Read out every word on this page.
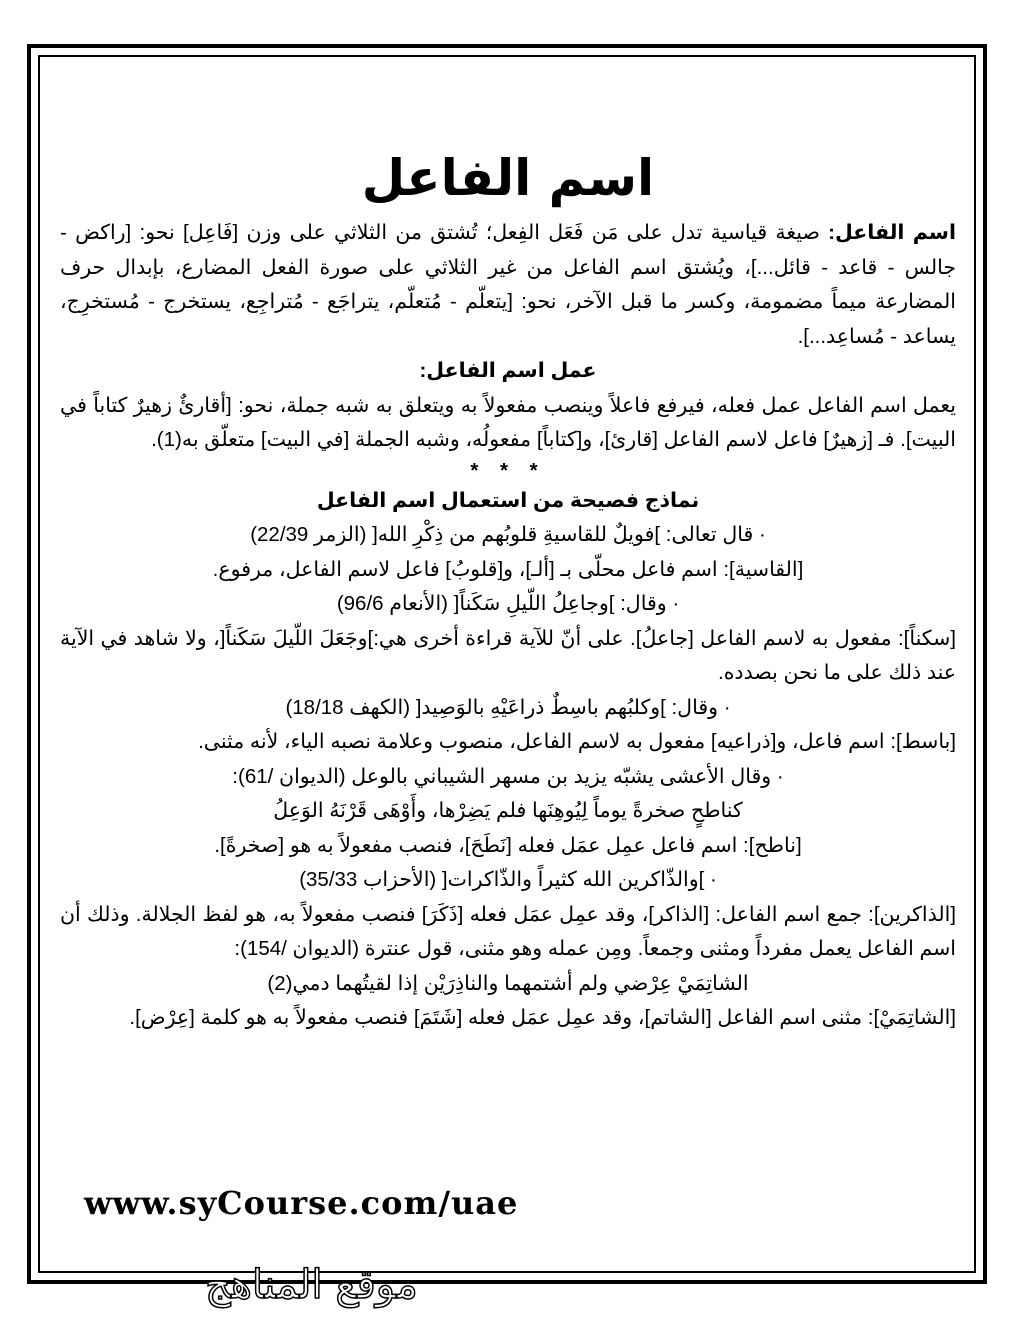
اسم الفاعل

اسم الفاعل: صيغة قياسية تدل على مَن فَعَل الفِعل؛ تُشتق من الثلاثي على وزن [فَاعِل] نحو: [راكض - جالس - قاعد - قائل...]، ويُشتق اسم الفاعل من غير الثلاثي على صورة الفعل المضارع، بإبدال حرف المضارعة ميماً مضمومة، وكسر ما قبل الآخر، نحو: [يتعلّم - مُتعلّم، يتراجَع - مُتراجِع، يستخرج - مُستخرِج، يساعد - مُساعِد...].

عمل اسم الفاعل:

يعمل اسم الفاعل عمل فعله، فيرفع فاعلاً وينصب مفعولاً به ويتعلق به شبه جملة، نحو: [أقارئٌ زهيرٌ كتاباً في البيت]. فـ [زهيرٌ] فاعل لاسم الفاعل [قارئ]، و[كتاباً] مفعولُه، وشبه الجملة [في البيت] متعلّق به(1).

* * *

نماذج فصيحة من استعمال اسم الفاعل

· قال تعالى: ]فويلٌ للقاسيةِ قلوبُهم من ذِكْرِ الله[ (الزمر 22/39)

[القاسية]: اسم فاعل محلّى بـ [ألـ]، و[قلوبُ] فاعل لاسم الفاعل، مرفوع.

· وقال: ]وجاعِلُ اللّيلِ سَكَناً[ (الأنعام 96/6)

[سكناً]: مفعول به لاسم الفاعل [جاعلُ]. على أنّ للآية قراءة أخرى هي:]وجَعَلَ اللّيلَ سَكَناً[، ولا شاهد في الآية عند ذلك على ما نحن بصدده.

· وقال: ]وكلبُهم باسِطٌ ذراعَيْهِ بالوَصِيد[ (الكهف 18/18)

[باسط]: اسم فاعل، و[ذراعيه] مفعول به لاسم الفاعل، منصوب وعلامة نصبه الياء، لأنه مثنى.

· وقال الأعشى يشبّه يزيد بن مسهر الشيباني بالوعل (الديوان /61):

كناطحٍ صخرةً يوماً لِيُوهِنَها فلم يَضِرْها، وأَوْهَى قَرْنَهُ الوَعِلُ

[ناطح]: اسم فاعل عمِل عمَل فعله [نَطَحَ]، فنصب مفعولاً به هو [صخرةً].

· ]والذّاكرين الله كثيراً والذّاكرات[ (الأحزاب 35/33)

[الذاكرين]: جمع اسم الفاعل: [الذاكر]، وقد عمِل عمَل فعله [ذَكَرَ] فنصب مفعولاً به، هو لفظ الجلالة. وذلك أن اسم الفاعل يعمل مفرداً ومثنى وجمعاً. ومِن عمله وهو مثنى، قول عنترة (الديوان /154):

الشاتِمَيْ عِرْضي ولم أشتمهما والناذِرَيْن إذا لقيتُهما دمي(2)

[الشاتِمَيْ]: مثنى اسم الفاعل [الشاتم]، وقد عمِل عمَل فعله [شَتَمَ] فنصب مفعولاً به هو كلمة [عِرْض].

www.syCourse.com/uae
موقع المناهج
